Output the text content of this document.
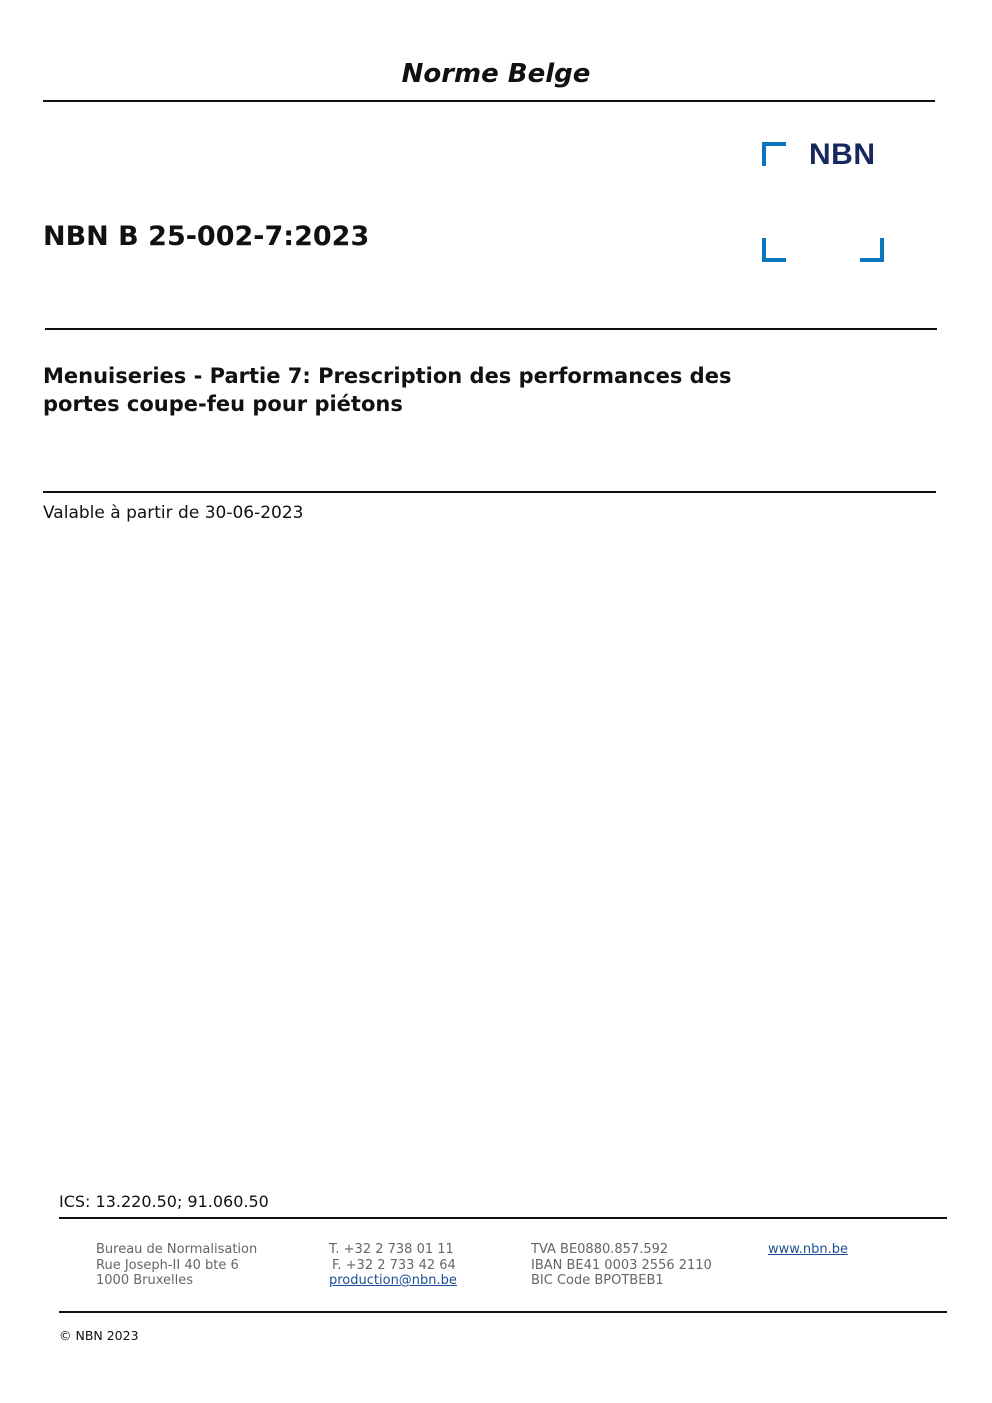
Norme Belge
NBN
NBN B 25-002-7:2023
Menuiseries - Partie 7: Prescription des performances des
portes coupe-feu pour piétons
Valable à partir de 30-06-2023
ICS: 13.220.50; 91.060.50
Bureau de Normalisation
Rue Joseph-II 40 bte 6
1000 Bruxelles
T. +32 2 738 01 11
F. +32 2 733 42 64
production@nbn.be
TVA BE0880.857.592
IBAN BE41 0003 2556 2110
BIC Code BPOTBEB1
www.nbn.be
© NBN 2023
